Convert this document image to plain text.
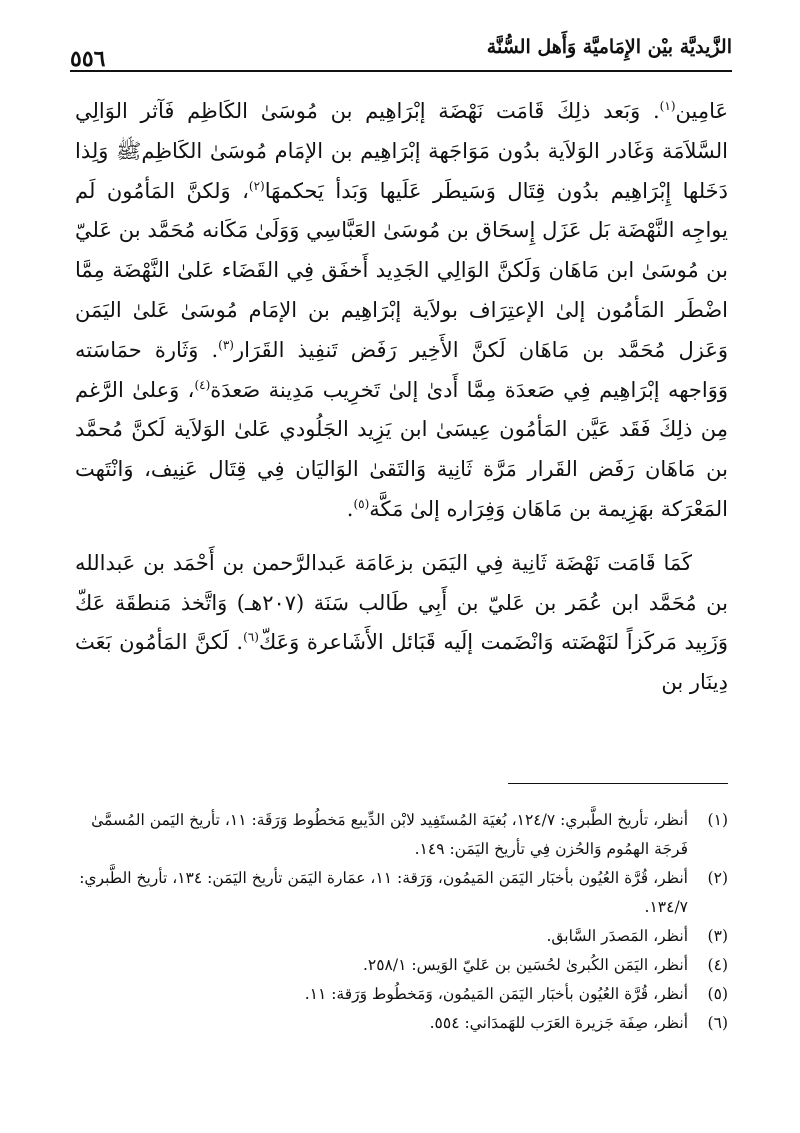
الزَّيديَّة بيْن الإِمَاميَّة وَأَهل السُّنَّة
٥٥٦

عَامِين$^{(١)}$. وَبَعد ذلِكَ قَامَت نَهْضَة إبْرَاهِيم بن مُوسَىٰ الكَاظِم فَآثر الوَالِي السَّلاَمَة وَغَادر الوَلاَية بدُون مَوَاجَهة إبْرَاهِيم بن الإمَام مُوسَىٰ الكَاظِمﷺ وَلِذا دَخَلها إِبْرَاهِيم بدُون قِتَال وَسَيطَر عَلَيها وَبَدأ يَحكمهَا$^{(٢)}$، وَلكنَّ المَأمُون لَم يواجِه النَّهْضَة بَل عَزَل إِسحَاق بن مُوسَىٰ العَبَّاسِي وَوَلَىٰ مَكَانه مُحَمَّد بن عَليّ بن مُوسَىٰ ابن مَاهَان وَلَكنَّ الوَالِي الجَدِيد أَخفَق فِي القَضَاء عَلىٰ النَّهْضَة مِمَّا اضْطَر المَأمُون إلىٰ الإعتِرَاف بولاَية إبْرَاهِيم بن الإمَام مُوسَىٰ عَلىٰ اليَمَن وَعَزل مُحَمَّد بن مَاهَان لَكنَّ الأَخِير رَفَض تَنفِيذ القَرَار$^{(٣)}$. وَثَارة حمَاسَته وَوَاجهه إبْرَاهِيم فِي صَعدَة مِمَّا أَدىٰ إلىٰ تَخرِيب مَدِينة صَعدَة$^{(٤)}$، وَعلىٰ الرَّغم مِن ذلِكَ فَقَد عَيَّن المَأمُون عِيسَىٰ ابن يَزِيد الجَلُودي عَلىٰ الوَلاَية لَكنَّ مُحمَّد بن مَاهَان رَفَض القَرار مَرَّة ثَانِية وَالتَقىٰ الوَاليَان فِي قِتَال عَنِيف، وَانْتَهت المَعْرَكة بهَزِيمة بن مَاهَان وَفِرَاره إلىٰ مَكَّة$^{(٥)}$.

كَمَا قَامَت نَهْضَة ثَانِية فِي اليَمَن بزعَامَة عَبدالرَّحمن بن أَحْمَد بن عَبدالله بن مُحَمَّد ابن عُمَر بن عَليّ بن أَبِي طَالب سَنَة (٢٠٧هـ) وَاتَّخذ مَنطقَة عَكّ وَزَبِيد مَركَزاً لنَهْضَته وَانْضَمت إلَيه قَبَائل الأَشَاعرة وَعَكّ$^{(٦)}$. لَكنَّ المَأمُون بَعَث دِينَار بن

(١)
أنظر، تأريخ الطَّبري: ١٢٤/٧، بُغيَة المُستَفِيد لابْن الدِّيبع مَخطُوط وَرَقَة: ١١، تأريخ اليَمن المُسمَّىٰ فَرجَة الهمُوم وَالحُزن فِي تأريخ اليَمَن: ١٤٩.

(٢)
أنظر، قُرَّة العُيُون بأخبَار اليَمَن المَيمُون، وَرَقة: ١١، عمَارة اليَمَن تأريخ اليَمَن: ١٣٤، تأريخ الطَّبري: ١٣٤/٧.

(٣)
أنظر، المَصدَر السَّابق.

(٤)
أنظر، اليَمَن الكُبرىٰ لحُسَين بن عَليّ الوَيس: ٢٥٨/١.

(٥)
أنظر، قُرَّة العُيُون بأخبَار اليَمَن المَيمُون، وَمَخطُوط وَرَقة: ١١.

(٦)
أنظر، صِفَة جَزيرة العَرَب للهَمدَاني: ٥٥٤.
